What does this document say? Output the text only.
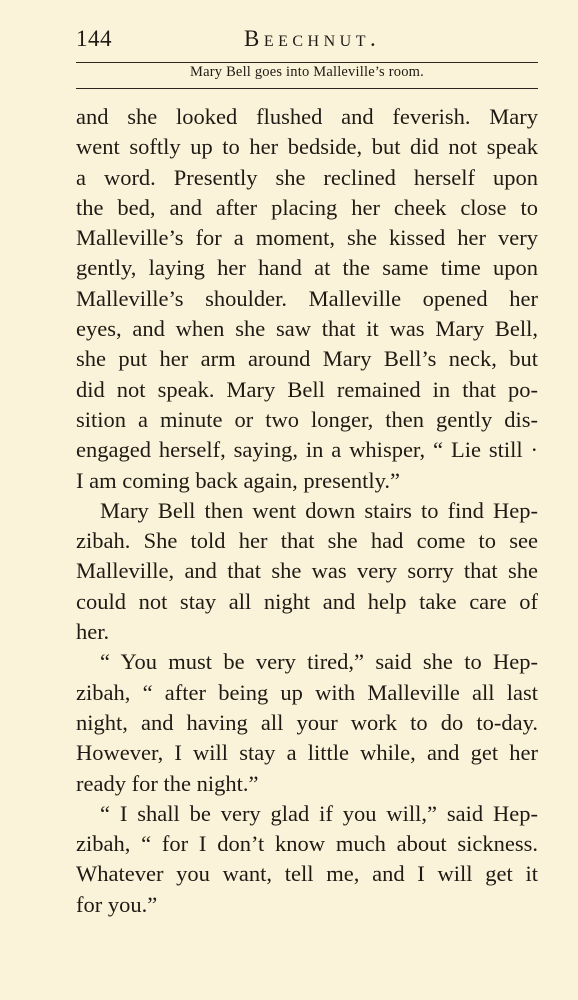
144	Beechnut.
Mary Bell goes into Malleville’s room.
and she looked flushed and feverish. Mary
went softly up to her bedside, but did not speak
a word. Presently she reclined herself upon
the bed, and after placing her cheek close to
Malleville’s for a moment, she kissed her very
gently, laying her hand at the same time upon
Malleville’s shoulder. Malleville opened her
eyes, and when she saw that it was Mary Bell,
she put her arm around Mary Bell’s neck, but
did not speak. Mary Bell remained in that po-
sition a minute or two longer, then gently dis-
engaged herself, saying, in a whisper, “ Lie still ·
I am coming back again, presently.”
Mary Bell then went down stairs to find Hep-
zibah. She told her that she had come to see
Malleville, and that she was very sorry that she
could not stay all night and help take care of
her.
“ You must be very tired,” said she to Hep-
zibah, “ after being up with Malleville all last
night, and having all your work to do to-day.
However, I will stay a little while, and get her
ready for the night.”
“ I shall be very glad if you will,” said Hep-
zibah, “ for I don’t know much about sickness.
Whatever you want, tell me, and I will get it
for you.”
